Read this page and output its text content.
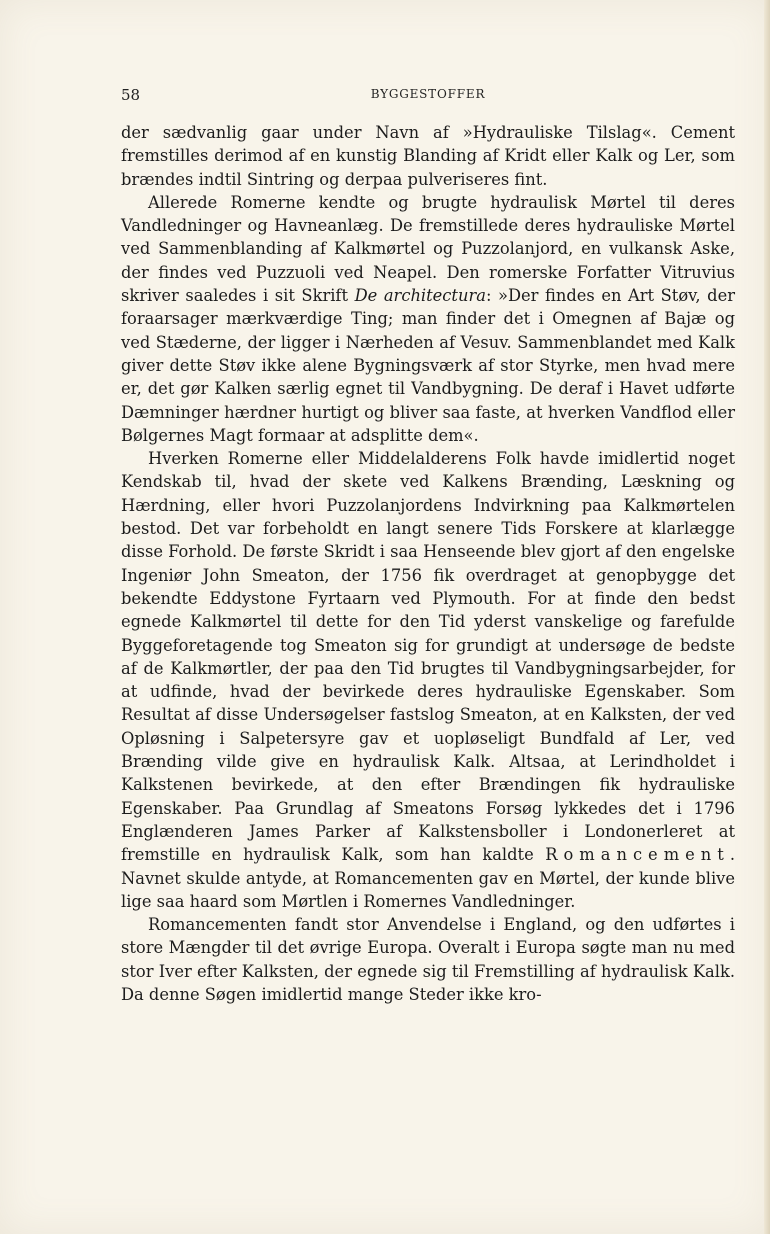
58	BYGGESTOFFER

der sædvanlig gaar under Navn af »Hydrauliske Tilslag«. Cement fremstilles derimod af en kunstig Blanding af Kridt eller Kalk og Ler, som brændes indtil Sintring og derpaa pulveriseres fint.

Allerede Romerne kendte og brugte hydraulisk Mørtel til deres Vandledninger og Havneanlæg. De fremstillede deres hydrauliske Mørtel ved Sammenblanding af Kalkmørtel og Puzzolanjord, en vulkansk Aske, der findes ved Puzzuoli ved Neapel. Den romerske Forfatter Vitruvius skriver saaledes i sit Skrift De architectura: »Der findes en Art Støv, der foraarsager mærkværdige Ting; man finder det i Omegnen af Bajæ og ved Stæderne, der ligger i Nærheden af Vesuv. Sammenblandet med Kalk giver dette Støv ikke alene Bygningsværk af stor Styrke, men hvad mere er, det gør Kalken særlig egnet til Vandbygning. De deraf i Havet udførte Dæmninger hærdner hurtigt og bliver saa faste, at hverken Vandflod eller Bølgernes Magt formaar at adsplitte dem«.

Hverken Romerne eller Middelalderens Folk havde imidlertid noget Kendskab til, hvad der skete ved Kalkens Brænding, Læskning og Hærdning, eller hvori Puzzolanjordens Indvirkning paa Kalkmørtelen bestod. Det var forbeholdt en langt senere Tids Forskere at klarlægge disse Forhold. De første Skridt i saa Henseende blev gjort af den engelske Ingeniør John Smeaton, der 1756 fik overdraget at genopbygge det bekendte Eddystone Fyrtaarn ved Plymouth. For at finde den bedst egnede Kalkmørtel til dette for den Tid yderst vanskelige og farefulde Byggeforetagende tog Smeaton sig for grundigt at undersøge de bedste af de Kalkmørtler, der paa den Tid brugtes til Vandbygningsarbejder, for at udfinde, hvad der bevirkede deres hydrauliske Egenskaber. Som Resultat af disse Undersøgelser fastslog Smeaton, at en Kalksten, der ved Opløsning i Salpetersyre gav et uopløseligt Bundfald af Ler, ved Brænding vilde give en hydraulisk Kalk. Altsaa, at Lerindholdet i Kalkstenen bevirkede, at den efter Brændingen fik hydrauliske Egenskaber. Paa Grundlag af Smeatons Forsøg lykkedes det i 1796 Englænderen James Parker af Kalkstensboller i Londonerleret at fremstille en hydraulisk Kalk, som han kaldte Romancement. Navnet skulde antyde, at Romancementen gav en Mørtel, der kunde blive lige saa haard som Mørtlen i Romernes Vandledninger.

Romancementen fandt stor Anvendelse i England, og den udførtes i store Mængder til det øvrige Europa. Overalt i Europa søgte man nu med stor Iver efter Kalksten, der egnede sig til Fremstilling af hydraulisk Kalk. Da denne Søgen imidlertid mange Steder ikke kro-
